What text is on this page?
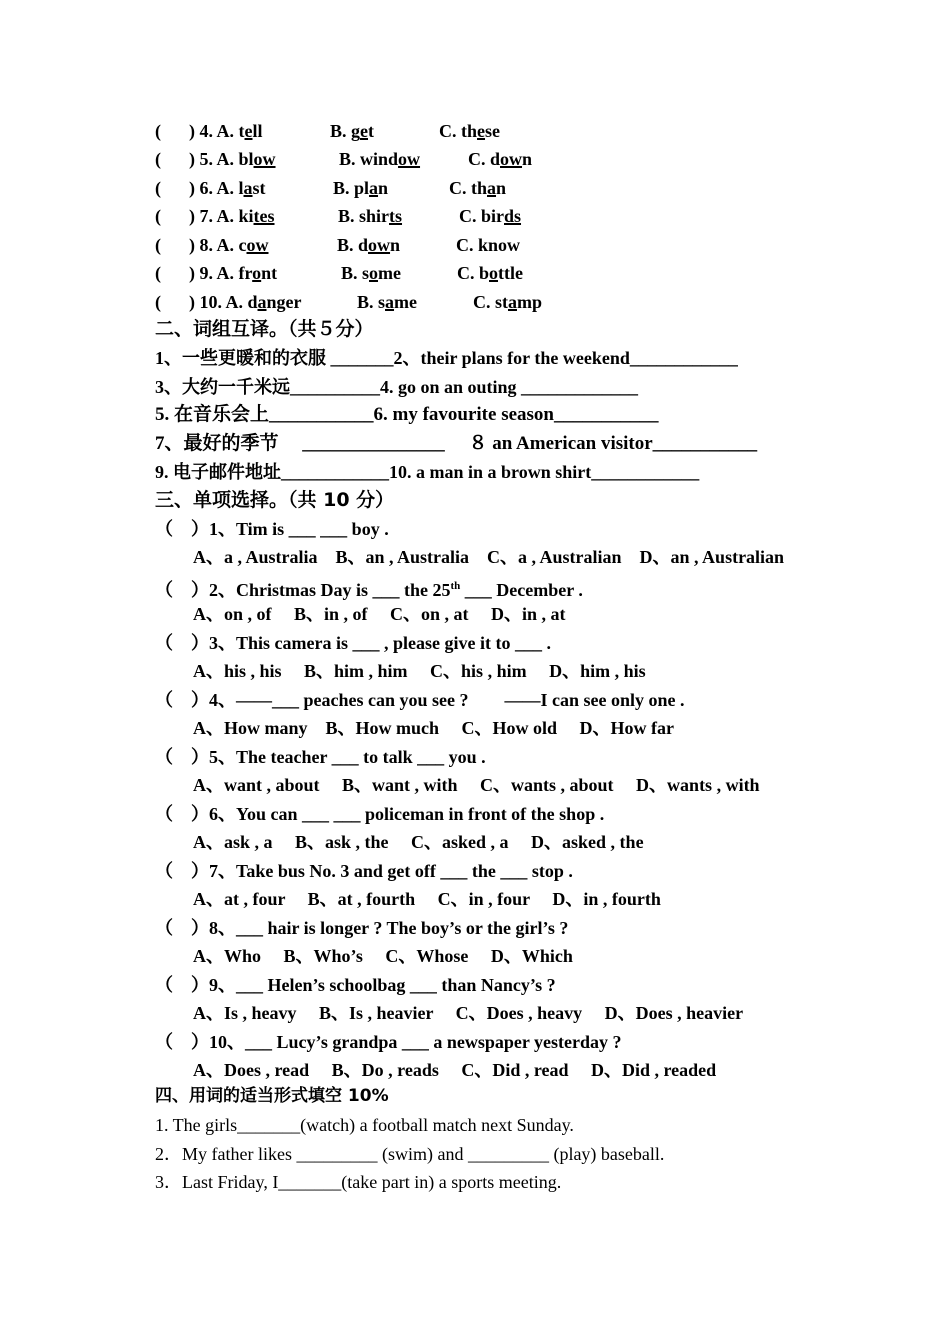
( ) 4. A. tell	B. get	C. these
( ) 5. A. blow	B. window	C. down
( ) 6. A. last	B. plan	C. than
( ) 7. A. kites	B. shirts	C. birds
( ) 8. A. cow	B. down	C. know
( ) 9. A. front	B. some	C. bottle
( ) 10. A. danger	B. same	C. stamp
二、词组互译。（共５分）
1、一些更暖和的衣服 _______2、their plans for the weekend____________
3、大约一千米远__________4. go on an outing _____________
5. 在音乐会上___________6. my favourite season___________
7、最好的季节　 _______________　 ８ an American visitor___________
9. 电子邮件地址____________10. a man in a brown shirt____________
三、单项选择。（共 10 分）
（　）1、Tim is ___ ___ boy .
A、a , Australia　B、an , Australia　C、a , Australian　D、an , Australian
（　）2、Christmas Day is ___ the 25th ___ December .
A、on , of　 B、in , of　 C、on , at　 D、in , at
（　）3、This camera is ___ , please give it to ___ .
A、his , his　 B、him , him　 C、his , him　 D、him , his
（　）4、——___ peaches can you see ?　　——I can see only one .
A、How many　B、How much　 C、How old　 D、How far
（　）5、The teacher ___ to talk ___ you .
A、want , about　 B、want , with　 C、wants , about　 D、wants , with
（　）6、You can ___ ___ policeman in front of the shop .
A、ask , a　 B、ask , the　 C、asked , a　 D、asked , the
（　）7、Take bus No. 3 and get off ___ the ___ stop .
A、at , four　 B、at , fourth　 C、in , four　 D、in , fourth
（　）8、___ hair is longer ? The boy’s or the girl’s ?
A、Who　 B、Who’s　 C、Whose　 D、Which
（　）9、___ Helen’s schoolbag ___ than Nancy’s ?
A、Is , heavy　 B、Is , heavier　 C、Does , heavy　 D、Does , heavier
（　）10、___ Lucy’s grandpa ___ a newspaper yesterday ?
A、Does , read　 B、Do , reads　 C、Did , read　 D、Did , readed
四、用词的适当形式填空 10%
1. The girls_______(watch) a football match next Sunday.
2．My father likes _________ (swim) and _________ (play) baseball.
3．Last Friday, I_______(take part in) a sports meeting.
